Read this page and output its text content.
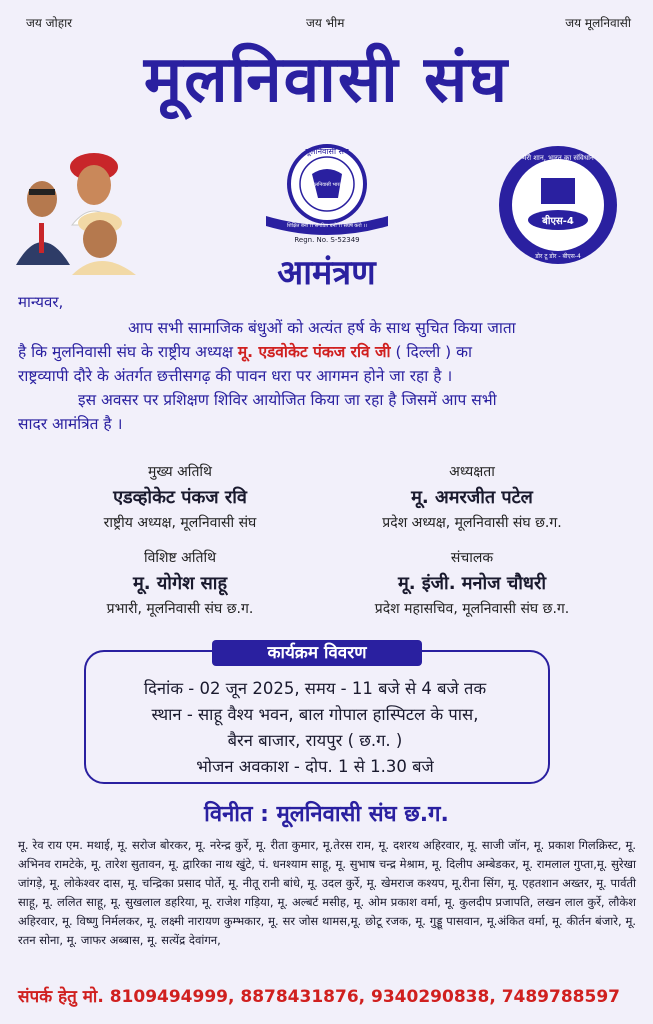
जय जोहार	जय भीम	जय मूलनिवासी
मूलनिवासी संघ
मूलनिवासी संघ
मूलनिवासी भारत
शिक्षित बनो ।। संगठित बनो ।। संघर्ष करो ।।
Regn. No. S-52349
मेरी शान, भारत का संविधान
बीएस-4
डोर टू डोर - बीएस-4
आमंत्रण
मान्यवर,

आप सभी सामाजिक बंधुओं को अत्यंत हर्ष के साथ सुचित किया जाता

है कि मुलनिवासी संघ के राष्ट्रीय अध्यक्ष मू. एडवोकेट पंकज रवि जी ( दिल्ली ) का

राष्ट्रव्यापी दौरे के अंतर्गत छत्तीसगढ़ की पावन धरा पर आगमन होने जा रहा है ।

इस अवसर पर प्रशिक्षण शिविर आयोजित किया जा रहा है जिसमें आप सभी

सादर आमंत्रित है ।

मुख्य अतिथि
एडव्होकेट पंकज रवि
राष्ट्रीय अध्यक्ष, मूलनिवासी संघ
अध्यक्षता
मू. अमरजीत पटेल
प्रदेश अध्यक्ष, मूलनिवासी संघ छ.ग.
विशिष्ट अतिथि
मू. योगेश साहू
प्रभारी, मूलनिवासी संघ छ.ग.
संचालक
मू. इंजी. मनोज चौधरी
प्रदेश महासचिव, मूलनिवासी संघ छ.ग.
कार्यक्रम विवरण
दिनांक - 02 जून 2025, समय - 11 बजे से 4 बजे तक
स्थान - साहू वैश्य भवन, बाल गोपाल हास्पिटल के पास,
बैरन बाजार, रायपुर ( छ.ग. )
भोजन अवकाश - दोप. 1 से 1.30 बजे
विनीत : मूलनिवासी संघ छ.ग.
मू. रेव राय एम. मथाई, मू. सरोज बोरकर, मू. नरेन्द्र कुर्रे, मू. रीता कुमार, मू.तेरस राम, मू. दशरथ अहिरवार, मू. साजी जॉन, मू. प्रकाश गिलक्रिस्ट, मू. अभिनव रामटेके, मू. तारेश सुतावन, मू. द्वारिका नाथ खुंटे, पं. धनश्याम साहू, मू. सुभाष चन्द्र मेश्राम, मू. दिलीप अम्बेडकर, मू. रामलाल गुप्ता,मू. सुरेखा जांगड़े, मू. लोकेश्वर दास, मू. चन्द्रिका प्रसाद पोर्ते, मू. नीतू रानी बांधे, मू. उदल कुर्रे, मू. खेमराज कश्यप, मू.रीना सिंग, मू. एहतशान अख्तर, मू. पार्वती साहू, मू. ललित साहू, मू. सुखलाल डहरिया, मू. राजेश गड़िया, मू. अल्बर्ट मसीह, मू. ओम प्रकाश वर्मा, मू. कुलदीप प्रजापति, लखन लाल कुर्रे, लौकेश अहिरवार, मू. विष्णु निर्मलकर, मू. लक्ष्मी नारायण कुम्भकार, मू. सर जोस थामस,मू. छोटू रजक, मू. गुड्डू पासवान, मू.अंकित वर्मा, मू. कीर्तन बंजारे, मू. रतन सोना, मू. जाफर अब्बास, मू. सत्येंद्र देवांगन,
संपर्क हेतु मो. 8109494999, 8878431876, 9340290838, 7489788597
